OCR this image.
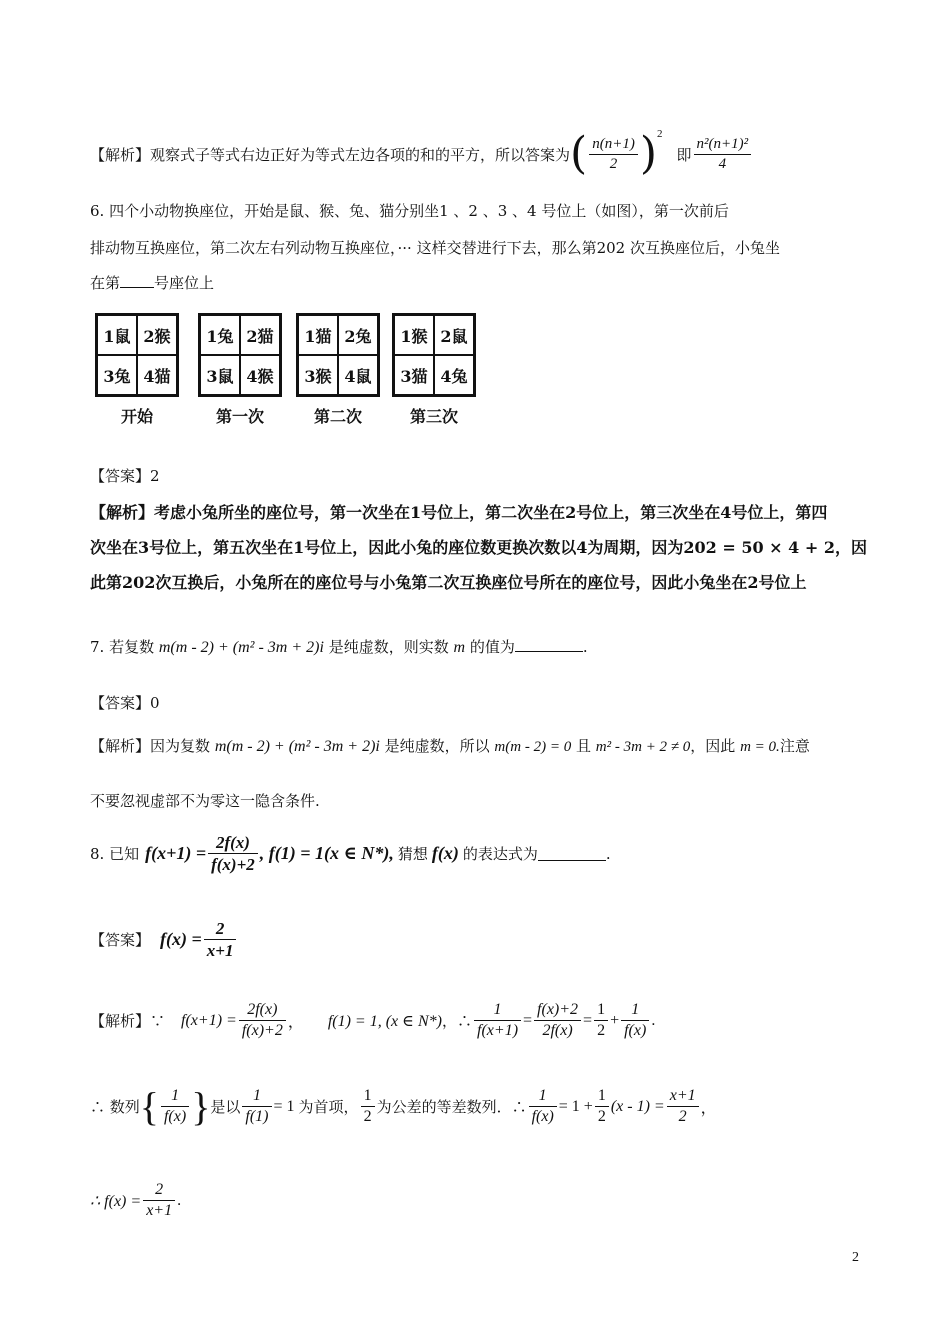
【解析】 观察式子等式右边正好为等式左边各项的和的平方，所以答案为 ( $\frac{n(n+1)}{2} )^2$
即 $\frac{\text{n²(n+1)²}}{4}$
6. 四个小动物换座位，开始是鼠、猴、兔、猫分别坐1 、2 、3 、4 号位上（如图），第一次前后
排动物互换座位，第二次左右列动物互换座位，··· 这样交替进行下去，那么第202 次互换座位后，小兔坐
在第 号座位上
1鼠 2猴
3兔 4猫
开始
1兔 2猫
3鼠 4猴
第一次
1猫 2兔
3猴 4鼠
第二次
1猴 2鼠
3猫 4兔
第三次
【答案】2
【解析】考虑小兔所坐的座位号，第一次坐在1号位上，第二次坐在2号位上，第三次坐在4号位上，第四
次坐在3号位上，第五次坐在1号位上，因此小兔的座位数更换次数以4为周期，因为202 = 50 × 4 + 2，因
此第202次互换后，小兔所在的座位号与小兔第二次互换座位号所在的座位号，因此小兔坐在2号位上
7. 若复数 m(m - 2) + (m² - 3m + 2)i 是纯虚数，则实数 m 的值为	.
【答案】0
【解析】因为复数 m(m - 2) + (m² - 3m + 2)i 是纯虚数，所以 m(m - 2) = 0 且 m² - 3m + 2 ≠ 0，因此 m = 0.注意
不要忽视虚部不为零这一隐含条件.
8. 已知 $f(x+1) = \frac{2f(x)}{f(x)+2}$ , f(1) = 1(x ∈ N*), 猜想 f(x) 的表达式为	.
【答案】 $f(x) = \frac{2}{x+1}$
【解析】∵ $f(x+1) = \frac{2f(x)}{f(x)+2}$ ， f(1) = 1, (x ∈ N*) ，∴ $\frac{1}{f(x+1)} = \frac{f(x)+2}{2f(x)} = \frac{1}{2} + \frac{1}{f(x)}$ .
∴ 数列 { $\frac{1}{f(x)}$ } 是以 $\frac{1}{f(1)} = 1$ 为首项， $\frac{1}{2}$ 为公差的等差数列．∴ $\frac{1}{f(x)} = 1 + \frac{1}{2} (x - 1) = \frac{x+1}{2}$ ，
∴ $f(x) = \frac{2}{x+1}$ .
2
